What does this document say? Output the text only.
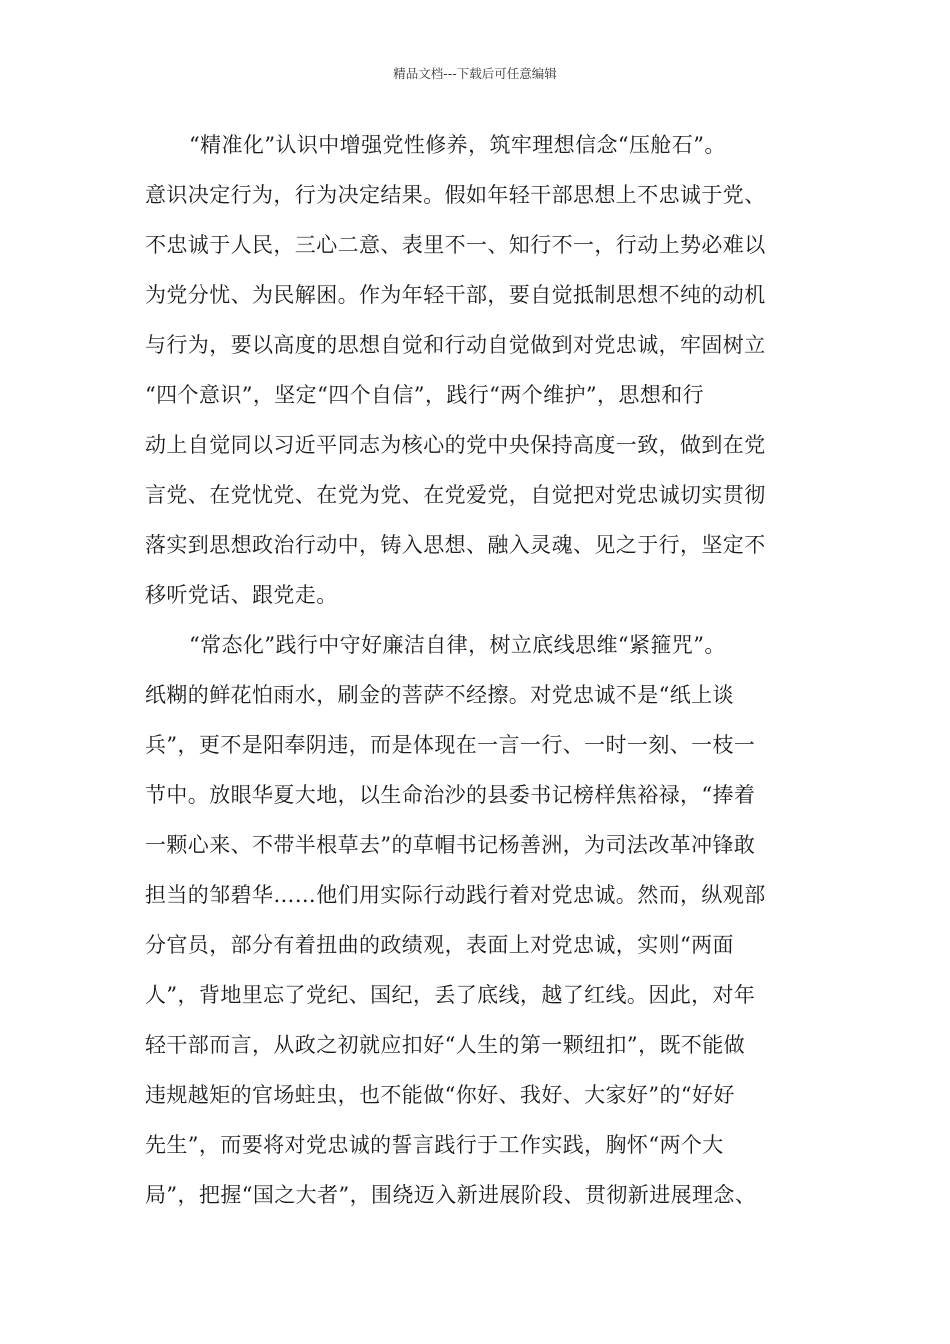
精品文档---下载后可任意编辑
“精准化”认识中增强党性修养，筑牢理想信念“压舱石”。
意识决定行为，行为决定结果。假如年轻干部思想上不忠诚于党、
不忠诚于人民，三心二意、表里不一、知行不一，行动上势必难以
为党分忧、为民解困。作为年轻干部，要自觉抵制思想不纯的动机
与行为，要以高度的思想自觉和行动自觉做到对党忠诚，牢固树立
“四个意识”，坚定“四个自信”，践行“两个维护”，思想和行
动上自觉同以习近平同志为核心的党中央保持高度一致，做到在党
言党、在党忧党、在党为党、在党爱党，自觉把对党忠诚切实贯彻
落实到思想政治行动中，铸入思想、融入灵魂、见之于行，坚定不
移听党话、跟党走。
“常态化”践行中守好廉洁自律，树立底线思维“紧箍咒”。
纸糊的鲜花怕雨水，刷金的菩萨不经擦。对党忠诚不是“纸上谈
兵”，更不是阳奉阴违，而是体现在一言一行、一时一刻、一枝一
节中。放眼华夏大地，以生命治沙的县委书记榜样焦裕禄，“捧着
一颗心来、不带半根草去”的草帽书记杨善洲，为司法改革冲锋敢
担当的邹碧华……他们用实际行动践行着对党忠诚。然而，纵观部
分官员，部分有着扭曲的政绩观，表面上对党忠诚，实则“两面
人”，背地里忘了党纪、国纪，丢了底线，越了红线。因此，对年
轻干部而言，从政之初就应扣好“人生的第一颗纽扣”，既不能做
违规越矩的官场蛀虫，也不能做“你好、我好、大家好”的“好好
先生”，而要将对党忠诚的誓言践行于工作实践，胸怀“两个大
局”，把握“国之大者”，围绕迈入新进展阶段、贯彻新进展理念、
